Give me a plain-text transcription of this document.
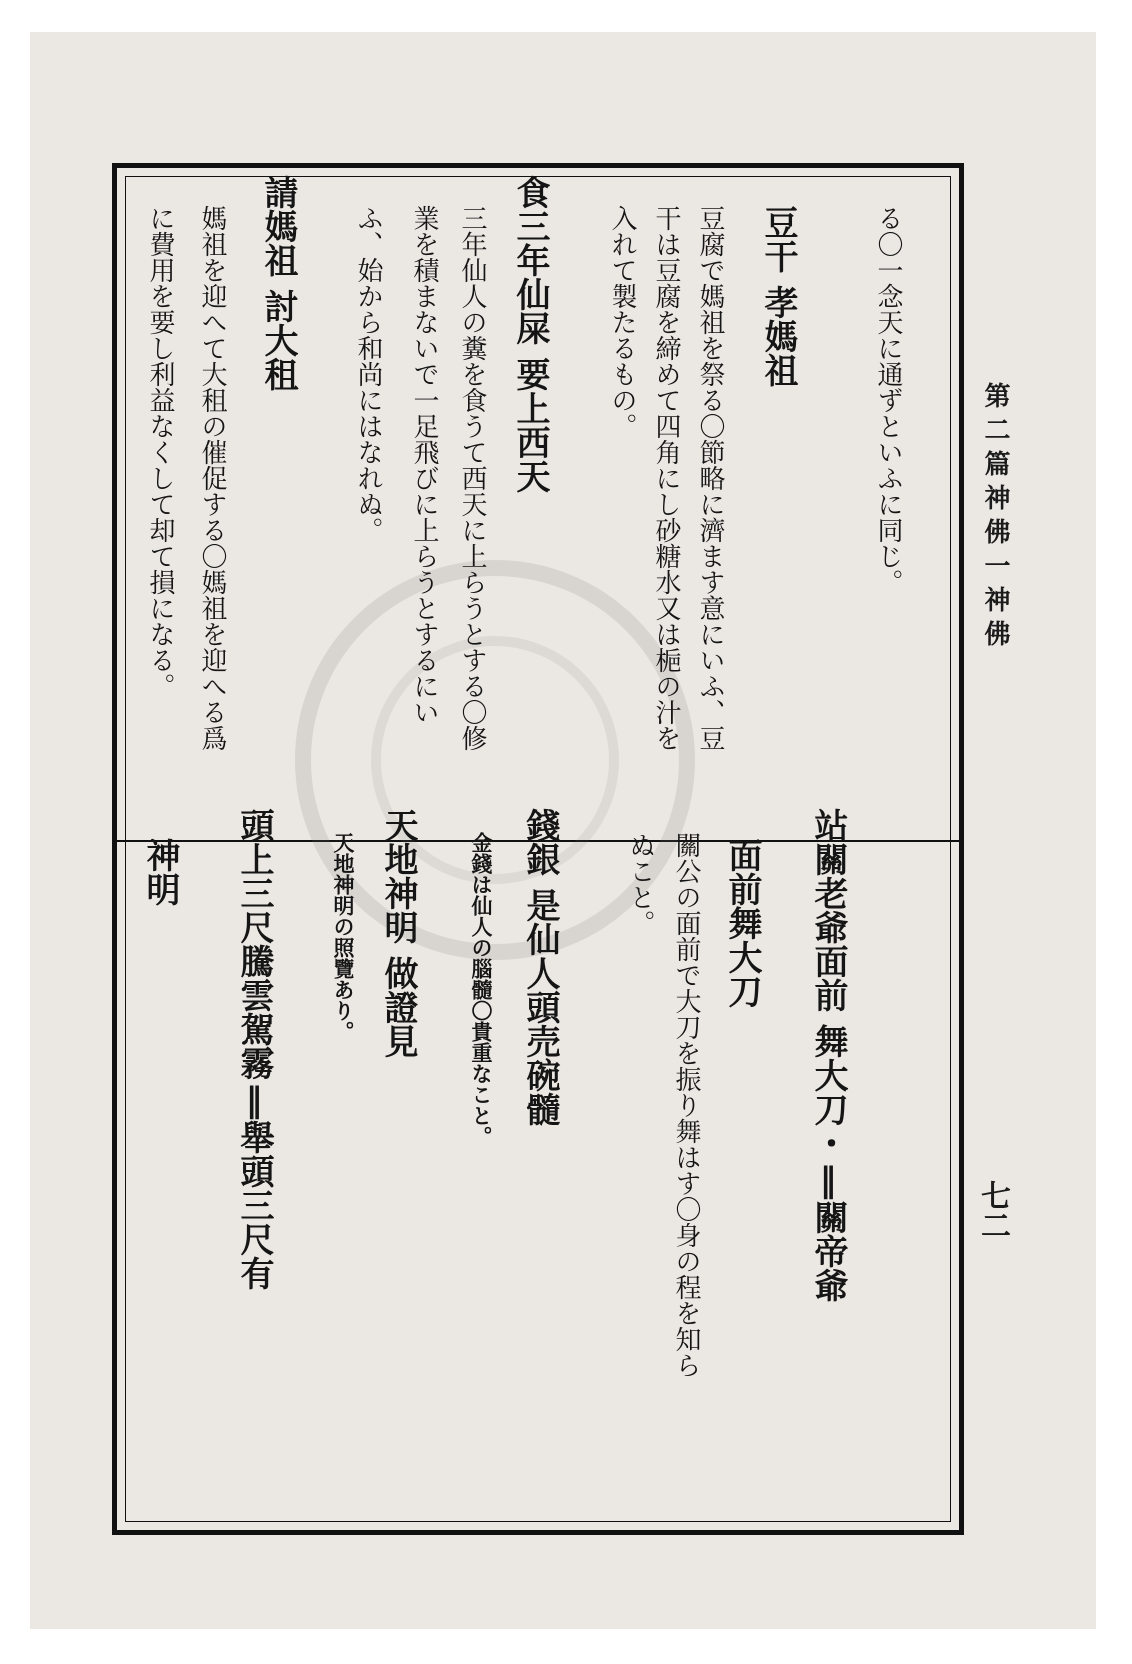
第二篇神佛一神佛
七二
る〇一念天に通ずといふに同じ。
豆干 孝媽祖
豆腐で媽祖を祭る〇節略に濟ます意にいふ、豆
干は豆腐を締めて四角にし砂糖水又は梔の汁を
入れて製たるもの。
食三年仙屎 要上西天
三年仙人の糞を食うて西天に上らうとする〇修
業を積まないで一足飛びに上らうとするにい
ふ、始から和尚にはなれぬ。
請媽祖 討大租
媽祖を迎へて大租の催促する〇媽祖を迎へる爲
に費用を要し利益なくして却て損になる。
站關老爺面前 舞大刀・‖關帝爺
面前舞大刀
關公の面前で大刀を振り舞はす〇身の程を知ら
ぬこと。
錢銀 是仙人頭売碗髓
金錢は仙人の腦髓〇貴重なこと。
天地神明 做證見
天地神明の照覽あり。
頭上三尺騰雲駕霧‖舉頭三尺有
神明
